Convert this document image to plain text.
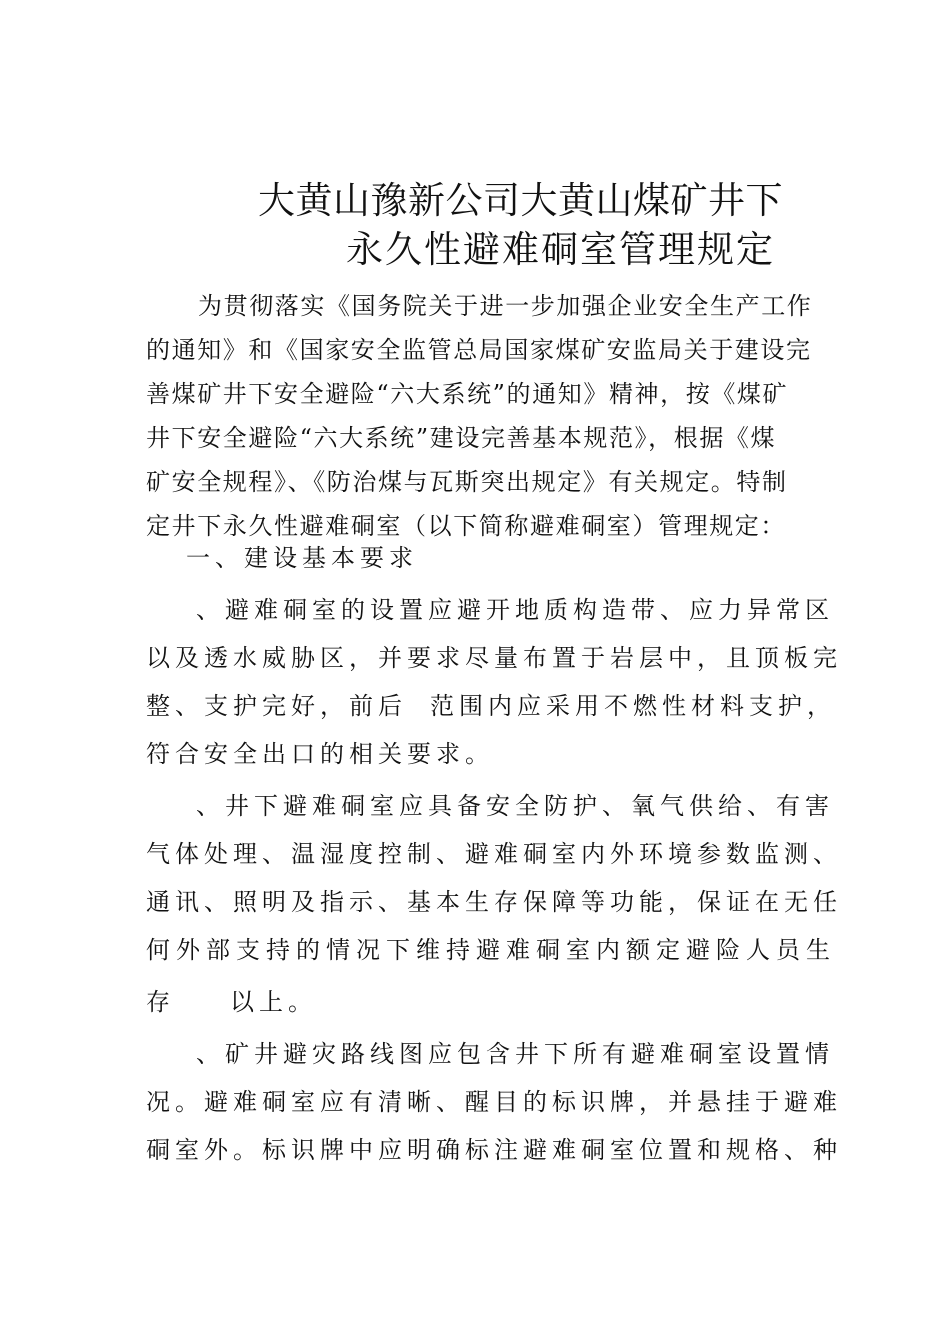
大黄山豫新公司大黄山煤矿井下
永久性避难硐室管理规定
为贯彻落实《国务院关于进一步加强企业安全生产工作
的通知》和《国家安全监管总局国家煤矿安监局关于建设完
善煤矿井下安全避险“六大系统”的通知》精神，按《煤矿
井下安全避险“六大系统”建设完善基本规范》，根据《煤
矿安全规程》、《防治煤与瓦斯突出规定》有关规定。特制
定井下永久性避难硐室（以下简称避难硐室）管理规定：
一、建设基本要求
、避难硐室的设置应避开地质构造带、应力异常区
以及透水威胁区，并要求尽量布置于岩层中，且顶板完
整、支护完好，前后 范围内应采用不燃性材料支护，
符合安全出口的相关要求。
、井下避难硐室应具备安全防护、氧气供给、有害
气体处理、温湿度控制、避难硐室内外环境参数监测、
通讯、照明及指示、基本生存保障等功能，保证在无任
何外部支持的情况下维持避难硐室内额定避险人员生
存 以上。
、矿井避灾路线图应包含井下所有避难硐室设置情
况。避难硐室应有清晰、醒目的标识牌，并悬挂于避难
硐室外。标识牌中应明确标注避难硐室位置和规格、种
